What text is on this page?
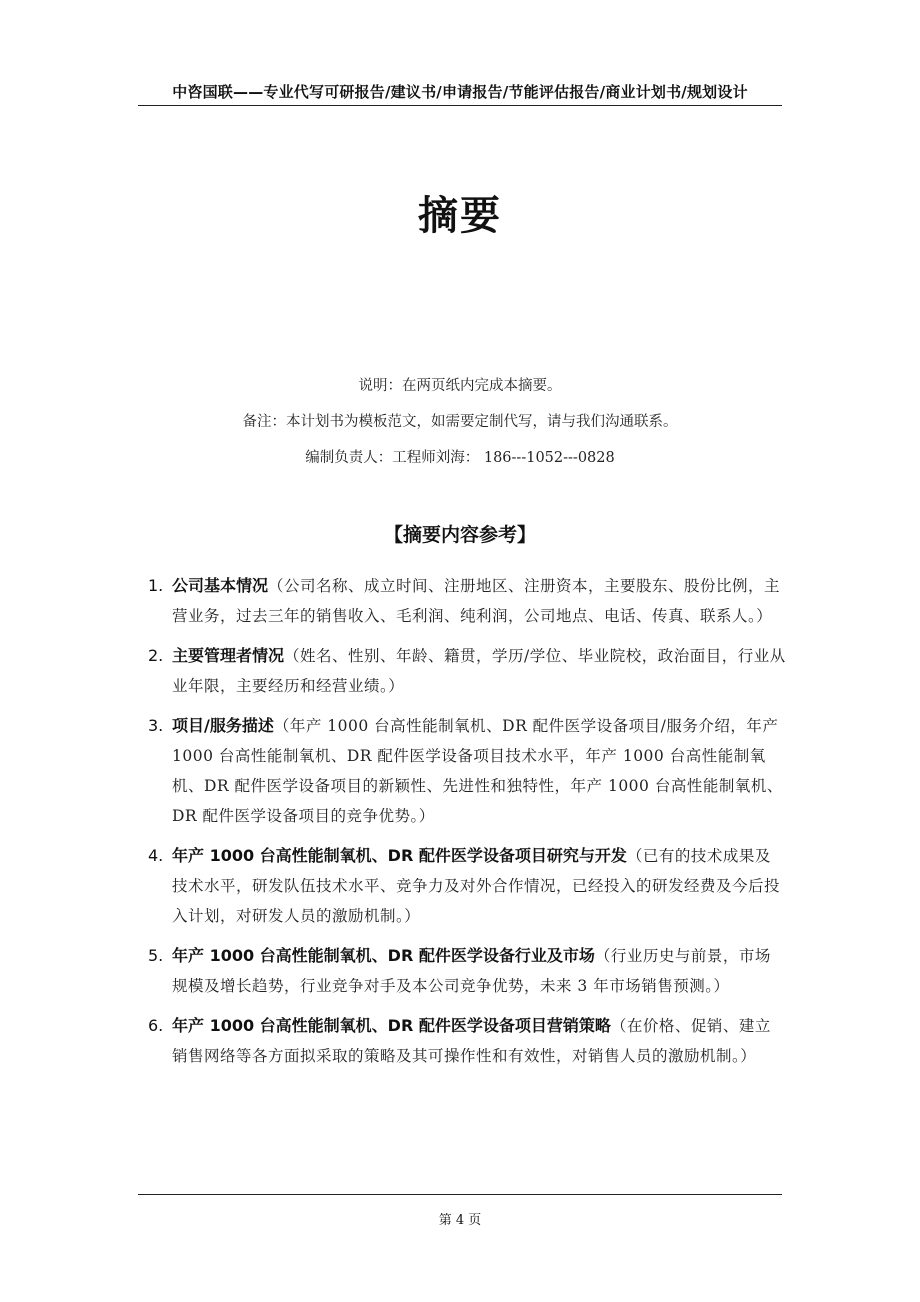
中咨国联——专业代写可研报告/建议书/申请报告/节能评估报告/商业计划书/规划设计
摘要
说明：在两页纸内完成本摘要。
备注：本计划书为模板范文，如需要定制代写，请与我们沟通联系。
编制负责人：工程师刘海： 186---1052---0828
【摘要内容参考】
1. 公司基本情况（公司名称、成立时间、注册地区、注册资本，主要股东、股份比例，主营业务，过去三年的销售收入、毛利润、纯利润，公司地点、电话、传真、联系人。）

2. 主要管理者情况（姓名、性别、年龄、籍贯，学历/学位、毕业院校，政治面目，行业从业年限，主要经历和经营业绩。）

3. 项目/服务描述（年产 1000 台高性能制氧机、DR 配件医学设备项目/服务介绍，年产 1000 台高性能制氧机、DR 配件医学设备项目技术水平，年产 1000 台高性能制氧机、DR 配件医学设备项目的新颖性、先进性和独特性，年产 1000 台高性能制氧机、DR 配件医学设备项目的竞争优势。）

4. 年产 1000 台高性能制氧机、DR 配件医学设备项目研究与开发（已有的技术成果及技术水平，研发队伍技术水平、竞争力及对外合作情况，已经投入的研发经费及今后投入计划，对研发人员的激励机制。）

5. 年产 1000 台高性能制氧机、DR 配件医学设备行业及市场（行业历史与前景，市场规模及增长趋势，行业竞争对手及本公司竞争优势，未来 3 年市场销售预测。）

6. 年产 1000 台高性能制氧机、DR 配件医学设备项目营销策略（在价格、促销、建立销售网络等各方面拟采取的策略及其可操作性和有效性，对销售人员的激励机制。）

第 4 页
